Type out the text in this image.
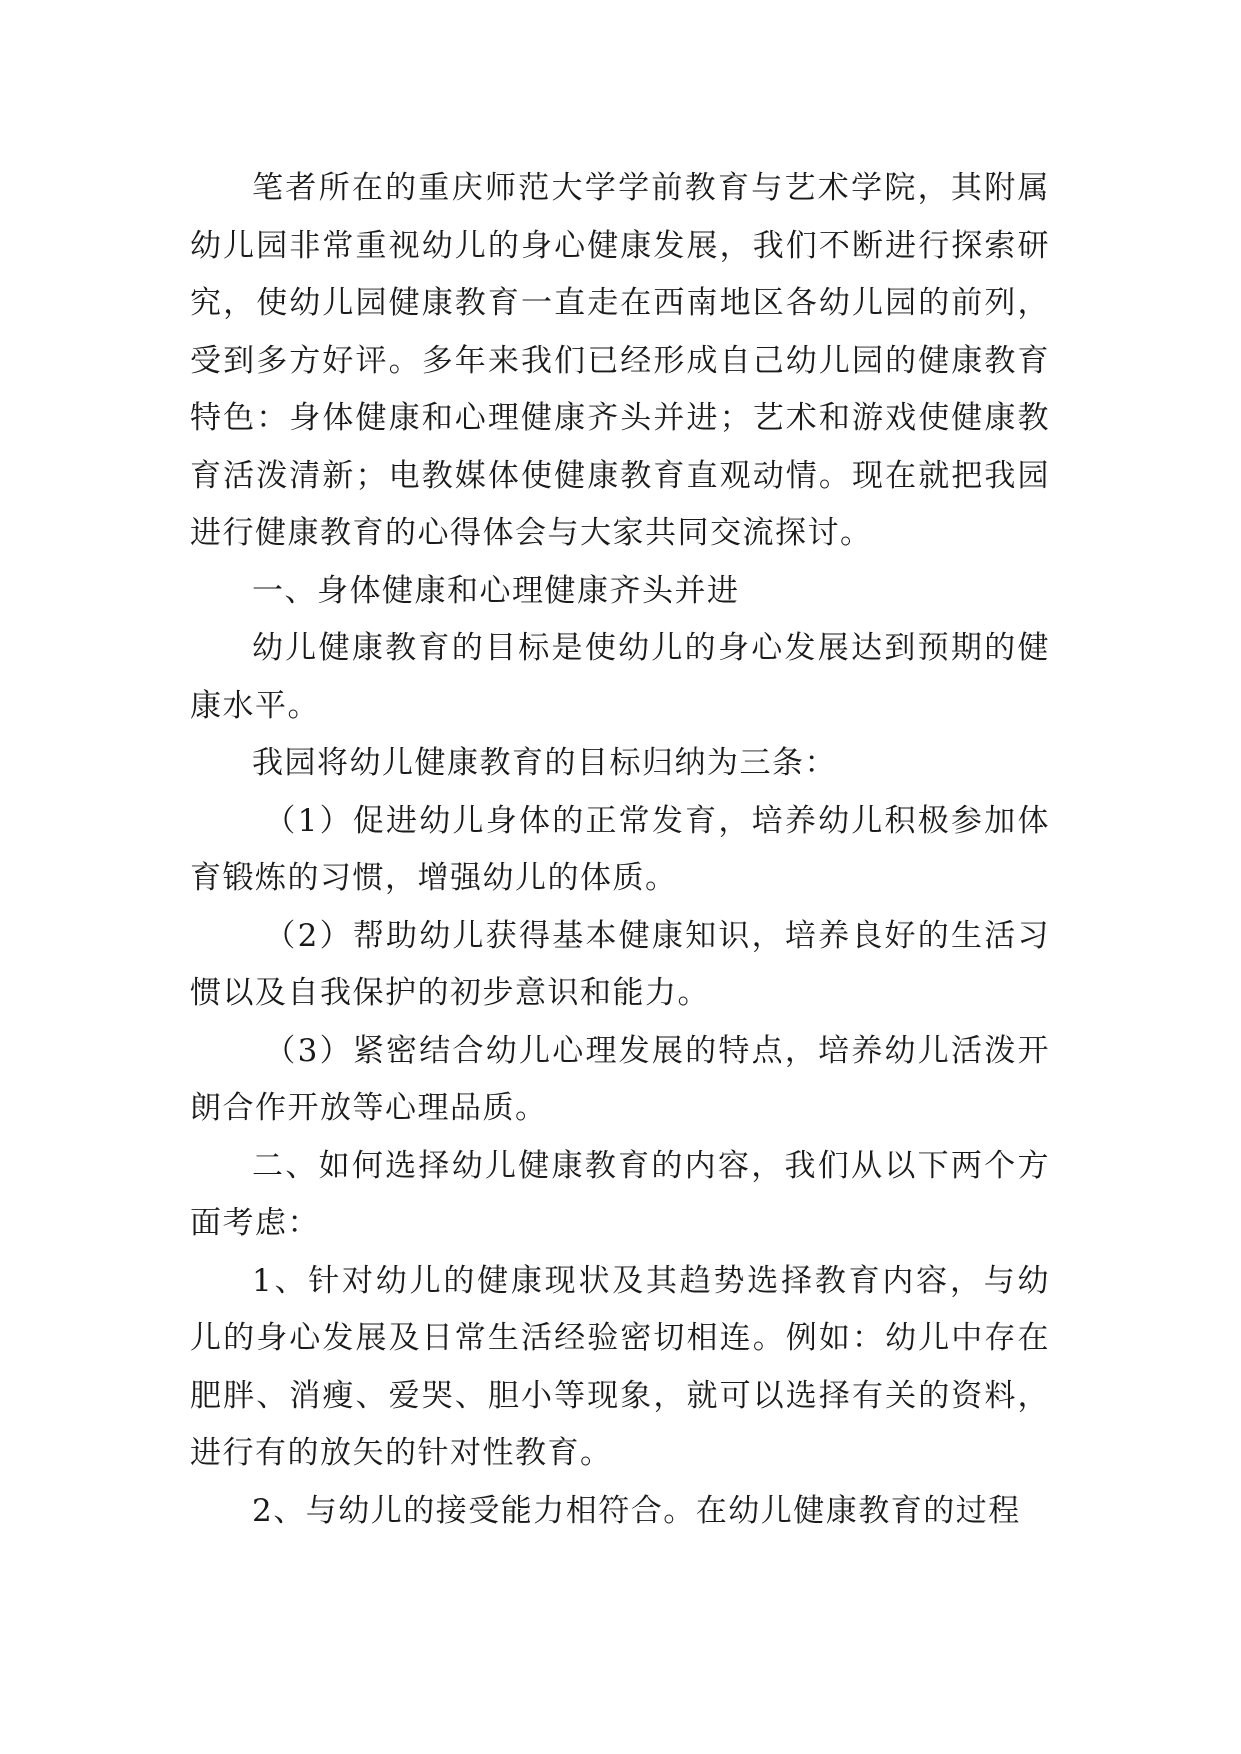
笔者所在的重庆师范大学学前教育与艺术学院，其附属幼儿园非常重视幼儿的身心健康发展，我们不断进行探索研究，使幼儿园健康教育一直走在西南地区各幼儿园的前列，受到多方好评。多年来我们已经形成自己幼儿园的健康教育特色：身体健康和心理健康齐头并进；艺术和游戏使健康教育活泼清新；电教媒体使健康教育直观动情。现在就把我园进行健康教育的心得体会与大家共同交流探讨。

一、身体健康和心理健康齐头并进

幼儿健康教育的目标是使幼儿的身心发展达到预期的健康水平。

我园将幼儿健康教育的目标归纳为三条：

（1）促进幼儿身体的正常发育，培养幼儿积极参加体育锻炼的习惯，增强幼儿的体质。

（2）帮助幼儿获得基本健康知识，培养良好的生活习惯以及自我保护的初步意识和能力。

（3）紧密结合幼儿心理发展的特点，培养幼儿活泼开朗合作开放等心理品质。

二、如何选择幼儿健康教育的内容，我们从以下两个方面考虑：

1、针对幼儿的健康现状及其趋势选择教育内容，与幼儿的身心发展及日常生活经验密切相连。例如：幼儿中存在肥胖、消瘦、爱哭、胆小等现象，就可以选择有关的资料，进行有的放矢的针对性教育。

2、与幼儿的接受能力相符合。在幼儿健康教育的过程
